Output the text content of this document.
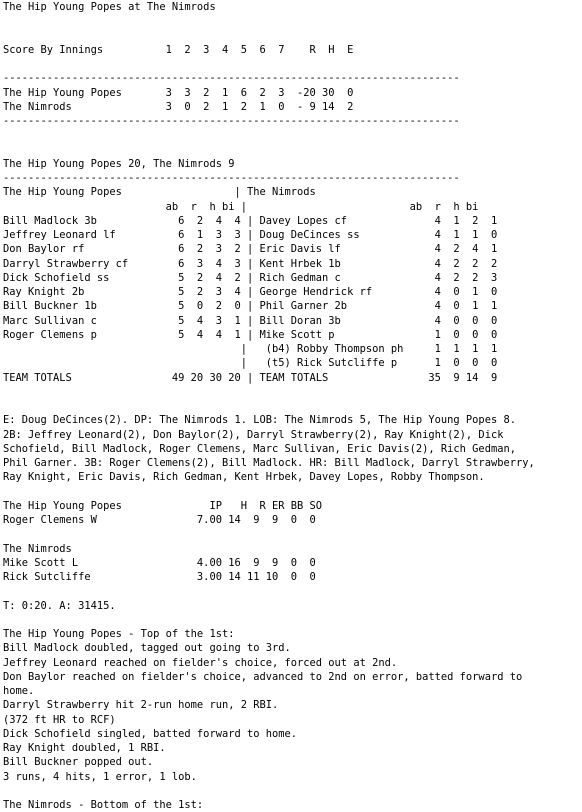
The Hip Young Popes at The Nimrods
Score By Innings          1  2  3  4  5  6  7    R  H  E
-------------------------------------------------------------------------
The Hip Young Popes       3  3  2  1  6  2  3  -20 30  0
The Nimrods               3  0  2  1  2  1  0  - 9 14  2
-------------------------------------------------------------------------
The Hip Young Popes 20, The Nimrods 9
-------------------------------------------------------------------------
The Hip Young Popes                  | The Nimrods
ab  r  h bi |                          ab  r  h bi
Bill Madlock 3b             6  2  4  4 | Davey Lopes cf              4  1  2  1
Jeffrey Leonard lf          6  1  3  3 | Doug DeCinces ss            4  1  1  0
Don Baylor rf               6  2  3  2 | Eric Davis lf               4  2  4  1
Darryl Strawberry cf        6  3  4  3 | Kent Hrbek 1b               4  2  2  2
Dick Schofield ss           5  2  4  2 | Rich Gedman c               4  2  2  3
Ray Knight 2b               5  2  3  4 | George Hendrick rf          4  0  1  0
Bill Buckner 1b             5  0  2  0 | Phil Garner 2b              4  0  1  1
Marc Sullivan c             5  4  3  1 | Bill Doran 3b               4  0  0  0
Roger Clemens p             5  4  4  1 | Mike Scott p                1  0  0  0
|   (b4) Robby Thompson ph     1  1  1  1
|   (t5) Rick Sutcliffe p      1  0  0  0
TEAM TOTALS                49 20 30 20 | TEAM TOTALS                35  9 14  9
E: Doug DeCinces(2). DP: The Nimrods 1. LOB: The Nimrods 5, The Hip Young Popes 8.
2B: Jeffrey Leonard(2), Don Baylor(2), Darryl Strawberry(2), Ray Knight(2), Dick
Schofield, Bill Madlock, Roger Clemens, Marc Sullivan, Eric Davis(2), Rich Gedman,
Phil Garner. 3B: Roger Clemens(2), Bill Madlock. HR: Bill Madlock, Darryl Strawberry,
Ray Knight, Eric Davis, Rich Gedman, Kent Hrbek, Davey Lopes, Robby Thompson.
The Hip Young Popes              IP   H  R ER BB SO
Roger Clemens W                7.00 14  9  9  0  0
The Nimrods
Mike Scott L                   4.00 16  9  9  0  0
Rick Sutcliffe                 3.00 14 11 10  0  0
T: 0:20. A: 31415.
The Hip Young Popes - Top of the 1st:
Bill Madlock doubled, tagged out going to 3rd.
Jeffrey Leonard reached on fielder's choice, forced out at 2nd.
Don Baylor reached on fielder's choice, advanced to 2nd on error, batted forward to
home.
Darryl Strawberry hit 2-run home run, 2 RBI.
(372 ft HR to RCF)
Dick Schofield singled, batted forward to home.
Ray Knight doubled, 1 RBI.
Bill Buckner popped out.
3 runs, 4 hits, 1 error, 1 lob.
The Nimrods - Bottom of the 1st:
